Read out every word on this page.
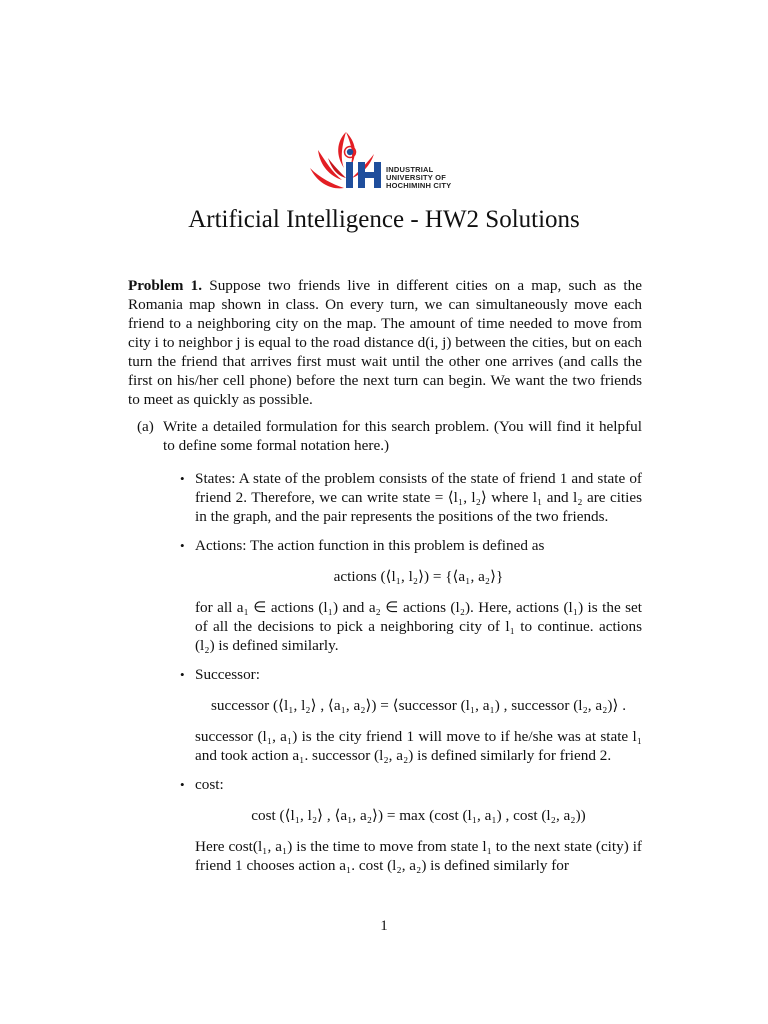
INDUSTRIAL
UNIVERSITY OF
HOCHIMINH CITY
Artificial Intelligence - HW2 Solutions

Problem 1. Suppose two friends live in different cities on a map, such as the Romania map shown in class. On every turn, we can simultaneously move each friend to a neighboring city on the map. The amount of time needed to move from city i to neighbor j is equal to the road distance d(i, j) between the cities, but on each turn the friend that arrives first must wait until the other one arrives (and calls the first on his/her cell phone) before the next turn can begin. We want the two friends to meet as quickly as possible.

(a) Write a detailed formulation for this search problem. (You will find it helpful to define some formal notation here.)

• States: A state of the problem consists of the state of friend 1 and state of friend 2. Therefore, we can write state = ⟨l₁, l₂⟩ where l₁ and l₂ are cities in the graph, and the pair represents the positions of the two friends.

• Actions: The action function in this problem is defined as

actions (⟨l₁, l₂⟩) = {⟨a₁, a₂⟩}

for all a₁ ∈ actions (l₁) and a₂ ∈ actions (l₂). Here, actions (l₁) is the set of all the decisions to pick a neighboring city of l₁ to continue. actions (l₂) is defined similarly.

• Successor:

successor (⟨l₁, l₂⟩ , ⟨a₁, a₂⟩) = ⟨successor (l₁, a₁) , successor (l₂, a₂)⟩ .

successor (l₁, a₁) is the city friend 1 will move to if he/she was at state l₁ and took action a₁. successor (l₂, a₂) is defined similarly for friend 2.

• cost:

cost (⟨l₁, l₂⟩ , ⟨a₁, a₂⟩) = max (cost (l₁, a₁) , cost (l₂, a₂))

Here cost(l₁, a₁) is the time to move from state l₁ to the next state (city) if friend 1 chooses action a₁. cost (l₂, a₂) is defined similarly for

1
